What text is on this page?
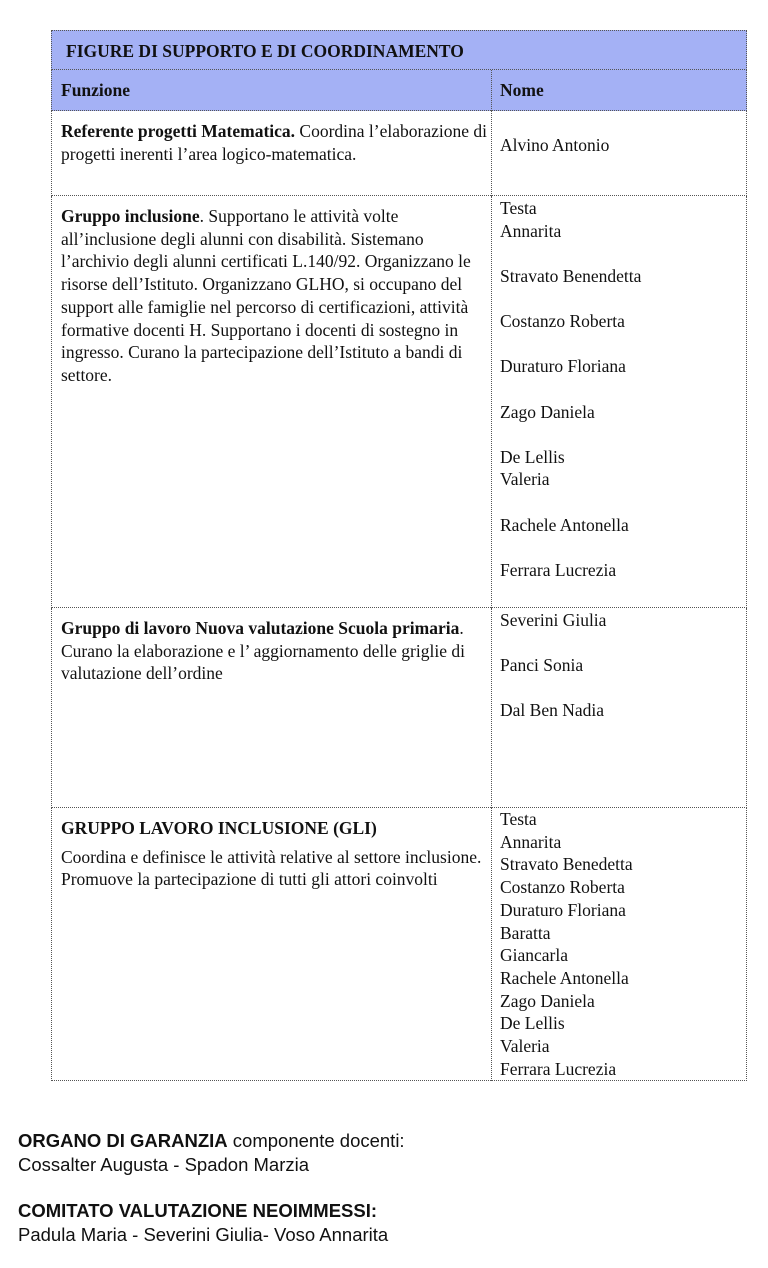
FIGURE DI SUPPORTO E DI COORDINAMENTO
Funzione	Nome
Referente progetti Matematica. Coordina l’elaborazione di progetti inerenti l’area logico-matematica.	Alvino Antonio
Gruppo inclusione. Supportano le attività volte all’inclusione degli alunni con disabilità. Sistemano l’archivio degli alunni certificati L.140/92. Organizzano le risorse dell’Istituto. Organizzano GLHO, si occupano del support alle famiglie nel percorso di certificazioni, attività formative docenti H. Supportano i docenti di sostegno in ingresso. Curano la partecipazione dell’Istituto a bandi di settore.
Testa
Annarita
Stravato Benendetta
Costanzo Roberta
Duraturo Floriana
Zago Daniela
De Lellis
Valeria
Rachele Antonella
Ferrara Lucrezia
Gruppo di lavoro Nuova valutazione Scuola primaria. Curano la elaborazione e l’ aggiornamento delle griglie di valutazione dell’ordine
Severini Giulia
Panci Sonia
Dal Ben Nadia
GRUPPO LAVORO INCLUSIONE (GLI)
Coordina e definisce le attività relative al settore inclusione. Promuove la partecipazione di tutti gli attori coinvolti
Testa
Annarita
Stravato Benedetta
Costanzo Roberta
Duraturo Floriana
Baratta
Giancarla
Rachele Antonella
Zago Daniela
De Lellis
Valeria
Ferrara Lucrezia
ORGANO DI GARANZIA componente docenti:
Cossalter Augusta - Spadon Marzia
COMITATO VALUTAZIONE NEOIMMESSI:
Padula Maria - Severini Giulia- Voso Annarita
